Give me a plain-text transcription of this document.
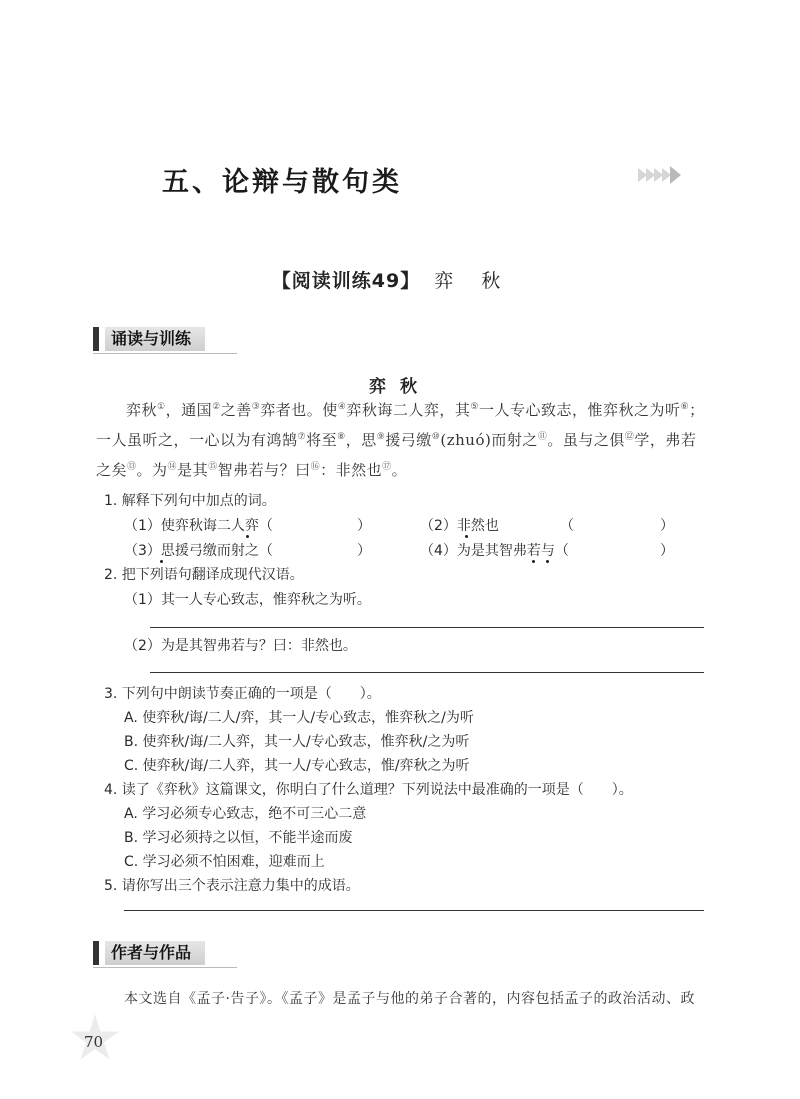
五、论辩与散句类
【阅读训练49】 弈秋
诵读与训练
弈秋
弈秋①，通国②之善③弈者也。使④弈秋诲二人弈，其⑤一人专心致志，惟弈秋之为听⑥；一人虽听之，一心以为有鸿鹄⑦将至⑧，思⑨援弓缴⑩(zhuó)而射之⑪。虽与之俱⑫学，弗若之矣⑬。为⑭是其⑮智弗若与？曰⑯：非然也⑰。
1. 解释下列句中加点的词。
（1）使弈秋诲二人弈（	）	（2）非然也	（	）
（3）思援弓缴而射之（	）	（4）为是其智弗若与（	）
2. 把下列语句翻译成现代汉语。
（1）其一人专心致志，惟弈秋之为听。
（2）为是其智弗若与？曰：非然也。
3. 下列句中朗读节奏正确的一项是（　　）。
A. 使弈秋/诲/二人/弈，其一人/专心致志，惟弈秋之/为听
B. 使弈秋/诲/二人弈，其一人/专心致志，惟弈秋/之为听
C. 使弈秋/诲/二人弈，其一人/专心致志，惟/弈秋之为听
4. 读了《弈秋》这篇课文，你明白了什么道理？下列说法中最准确的一项是（　　）。
A. 学习必须专心致志，绝不可三心二意
B. 学习必须持之以恒，不能半途而废
C. 学习必须不怕困难，迎难而上
5. 请你写出三个表示注意力集中的成语。
作者与作品
本文选自《孟子·告子》。《孟子》是孟子与他的弟子合著的，内容包括孟子的政治活动、政
70
